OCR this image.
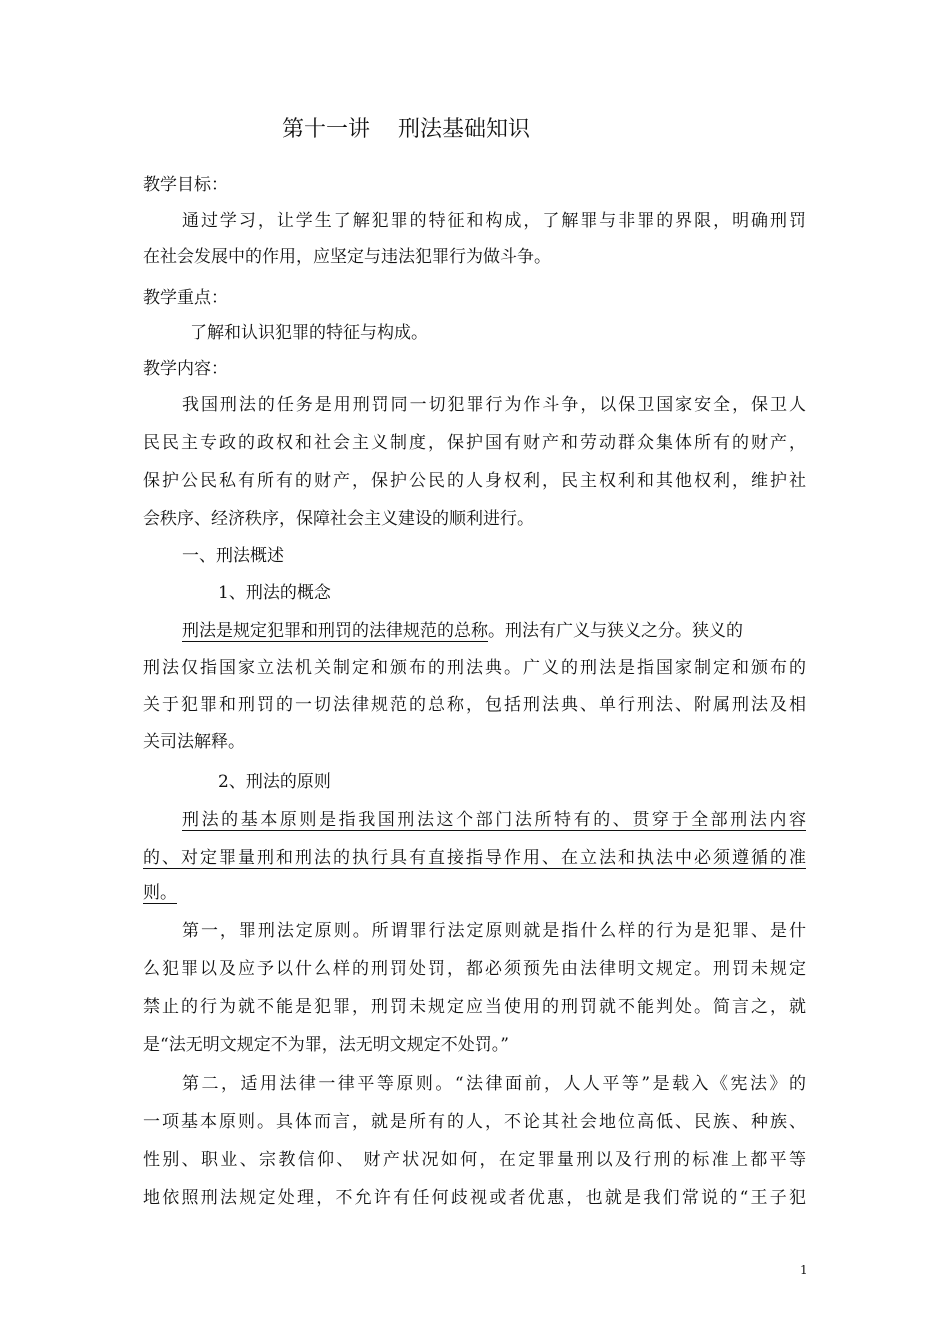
第十一讲 刑法基础知识
教学目标：
通过学习，让学生了解犯罪的特征和构成，了解罪与非罪的界限，明确刑罚
在社会发展中的作用，应坚定与违法犯罪行为做斗争。
教学重点：
了解和认识犯罪的特征与构成。
教学内容：
我国刑法的任务是用刑罚同一切犯罪行为作斗争，以保卫国家安全，保卫人
民民主专政的政权和社会主义制度，保护国有财产和劳动群众集体所有的财产，
保护公民私有所有的财产，保护公民的人身权利，民主权利和其他权利，维护社
会秩序、经济秩序，保障社会主义建设的顺利进行。
一、刑法概述
1、刑法的概念
刑法是规定犯罪和刑罚的法律规范的总称。刑法有广义与狭义之分。狭义的
刑法仅指国家立法机关制定和颁布的刑法典。广义的刑法是指国家制定和颁布的
关于犯罪和刑罚的一切法律规范的总称，包括刑法典、单行刑法、附属刑法及相
关司法解释。
2、刑法的原则
刑法的基本原则是指我国刑法这个部门法所特有的、贯穿于全部刑法内容
的、对定罪量刑和刑法的执行具有直接指导作用、在立法和执法中必须遵循的准
则。
第一，罪刑法定原则。所谓罪行法定原则就是指什么样的行为是犯罪、是什
么犯罪以及应予以什么样的刑罚处罚，都必须预先由法律明文规定。刑罚未规定
禁止的行为就不能是犯罪，刑罚未规定应当使用的刑罚就不能判处。简言之，就
是“法无明文规定不为罪，法无明文规定不处罚。”
第二，适用法律一律平等原则。“法律面前，人人平等”是载入《宪法》的
一项基本原则。具体而言，就是所有的人，不论其社会地位高低、民族、种族、
性别、职业、宗教信仰、 财产状况如何，在定罪量刑以及行刑的标准上都平等
地依照刑法规定处理，不允许有任何歧视或者优惠，也就是我们常说的“王子犯
1
